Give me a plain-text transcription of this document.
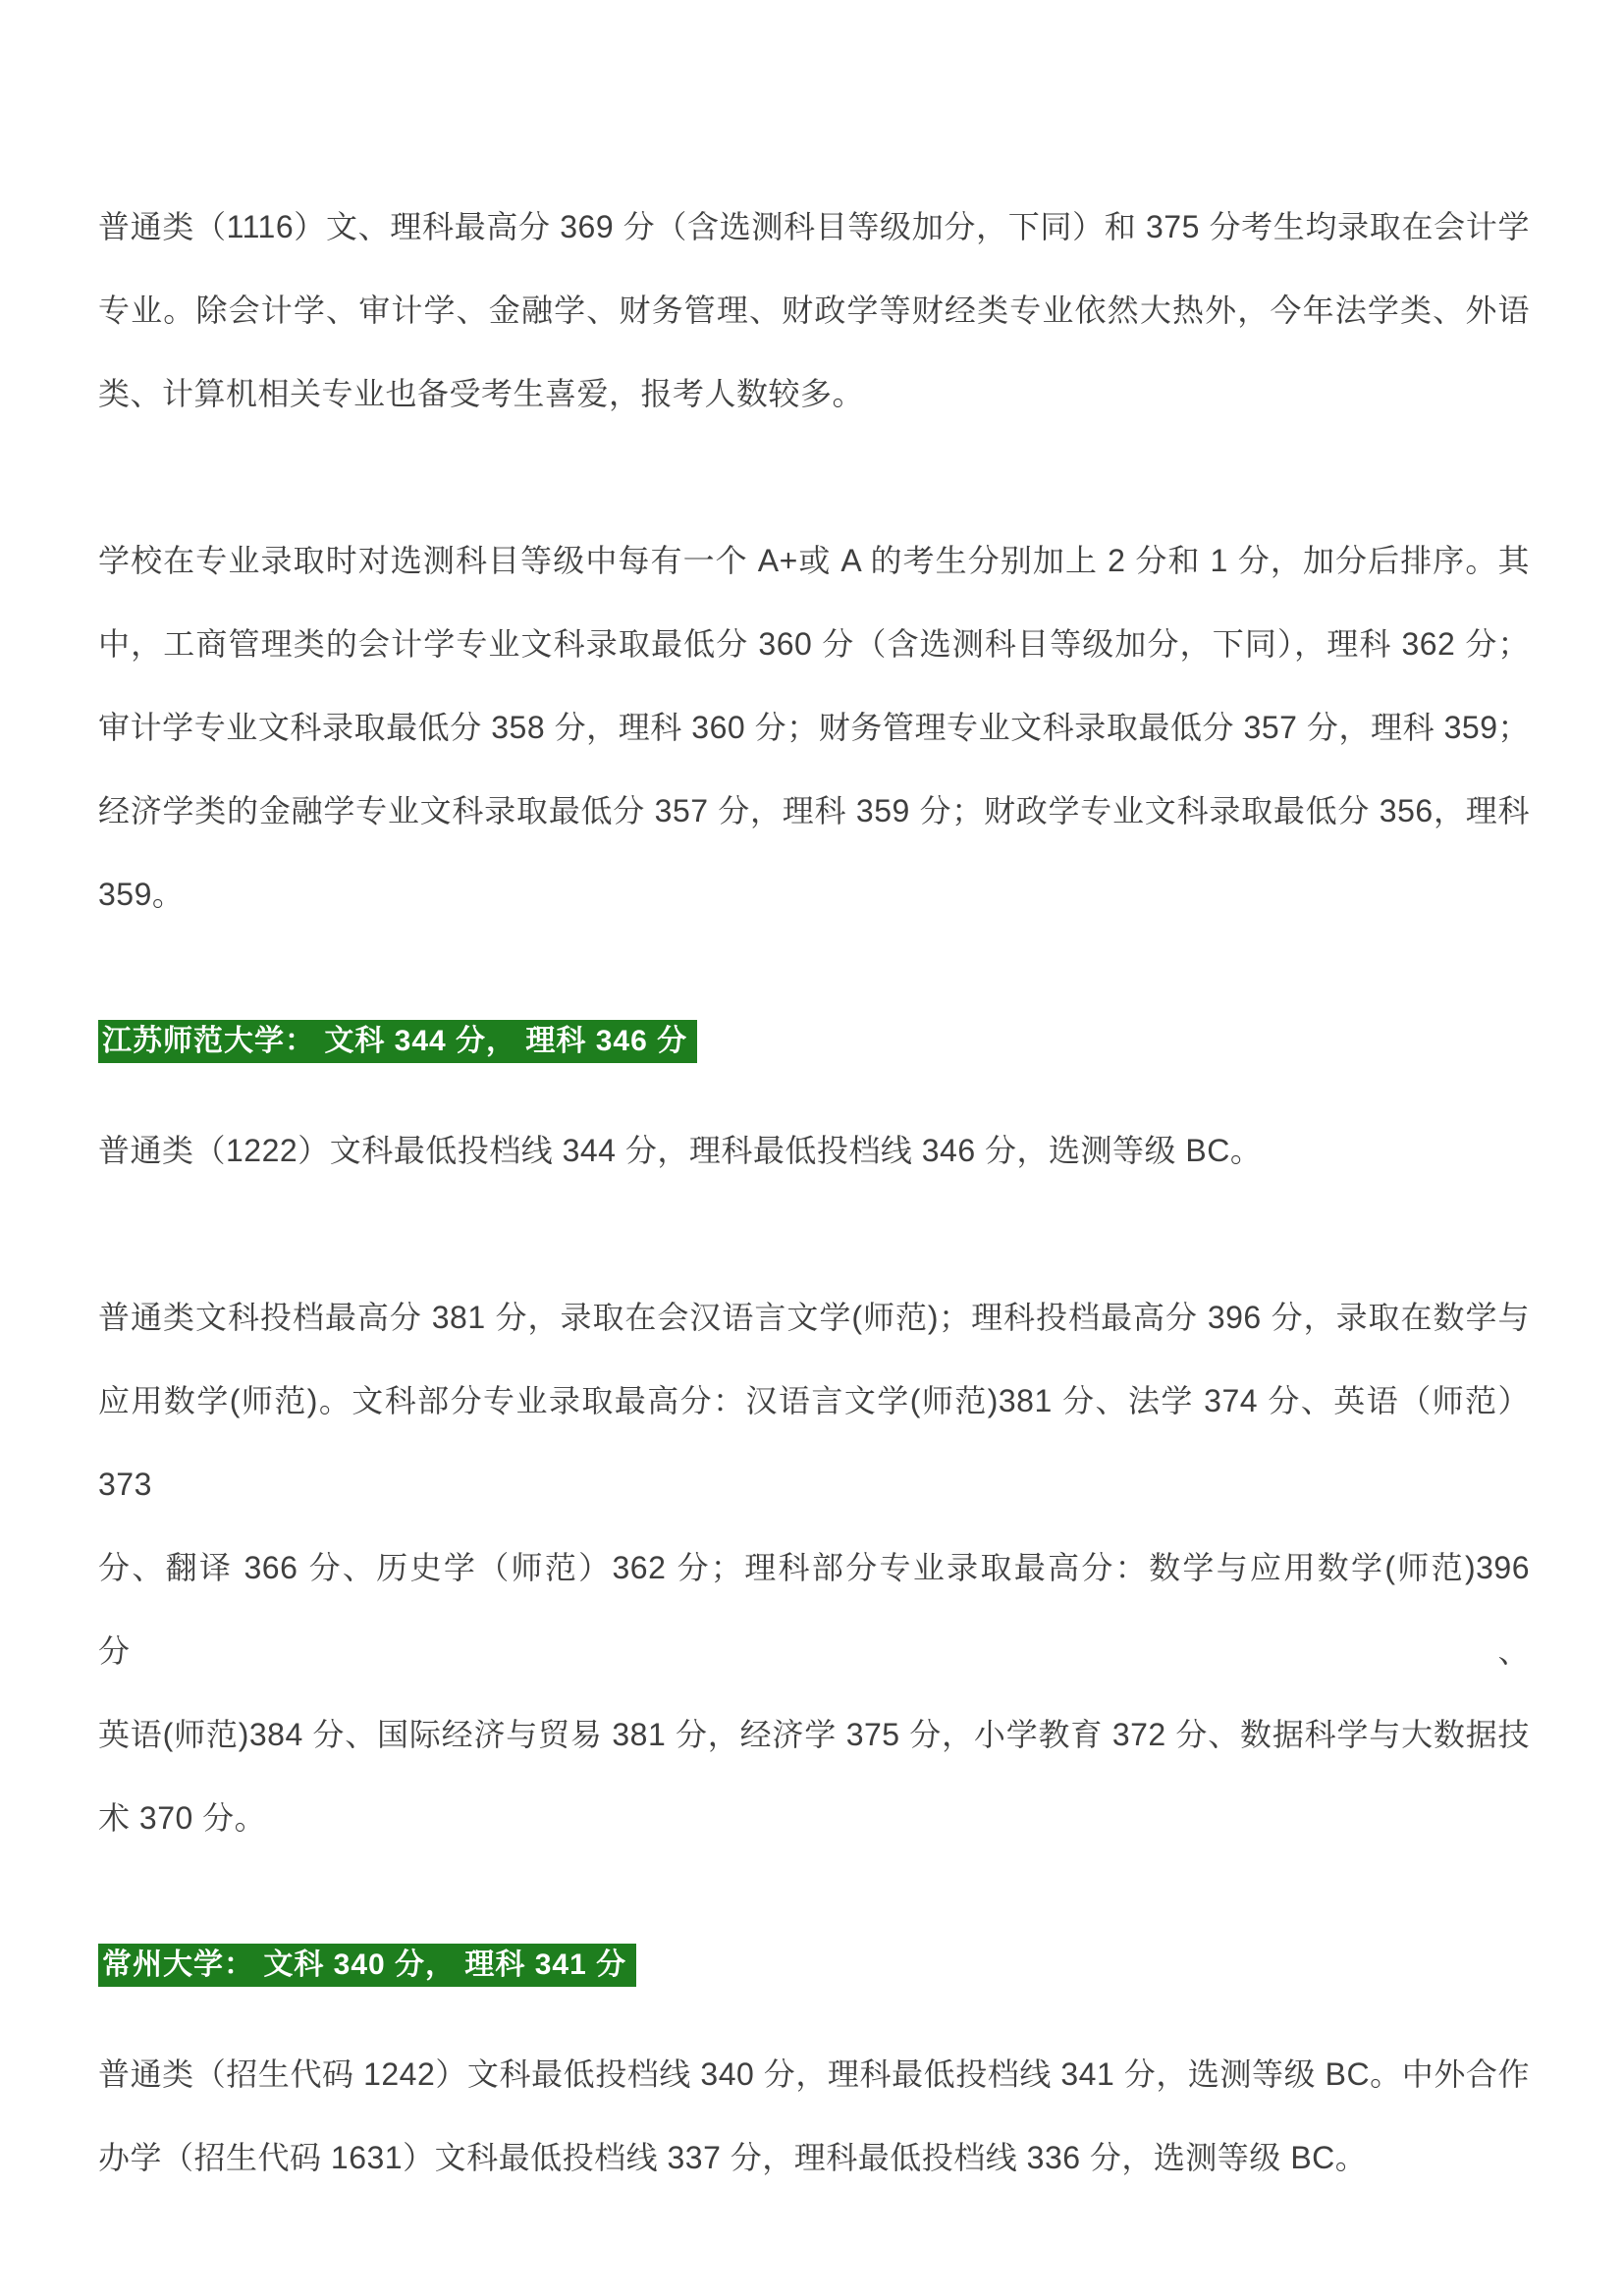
普通类（1116）文、理科最高分 369 分（含选测科目等级加分，下同）和 375 分考生均录取在会计学
专业。除会计学、审计学、金融学、财务管理、财政学等财经类专业依然大热外，今年法学类、外语
类、计算机相关专业也备受考生喜爱，报考人数较多。
学校在专业录取时对选测科目等级中每有一个 A+或 A 的考生分别加上 2 分和 1 分，加分后排序。其
中，工商管理类的会计学专业文科录取最低分 360 分（含选测科目等级加分，下同），理科 362 分；
审计学专业文科录取最低分 358 分，理科 360 分；财务管理专业文科录取最低分 357 分，理科 359；
经济学类的金融学专业文科录取最低分 357 分，理科 359 分；财政学专业文科录取最低分 356，理科
359。
江苏师范大学： 文科 344 分， 理科 346 分
普通类（1222）文科最低投档线 344 分，理科最低投档线 346 分，选测等级 BC。
普通类文科投档最高分 381 分，录取在会汉语言文学(师范)；理科投档最高分 396 分，录取在数学与
应用数学(师范)。文科部分专业录取最高分：汉语言文学(师范)381 分、法学 374 分、英语（师范）373
分、翻译 366 分、历史学（师范）362 分；理科部分专业录取最高分：数学与应用数学(师范)396 分、
英语(师范)384 分、国际经济与贸易 381 分，经济学 375 分，小学教育 372 分、数据科学与大数据技
术 370 分。
常州大学： 文科 340 分， 理科 341 分
普通类（招生代码 1242）文科最低投档线 340 分，理科最低投档线 341 分，选测等级 BC。中外合作
办学（招生代码 1631）文科最低投档线 337 分，理科最低投档线 336 分，选测等级 BC。
